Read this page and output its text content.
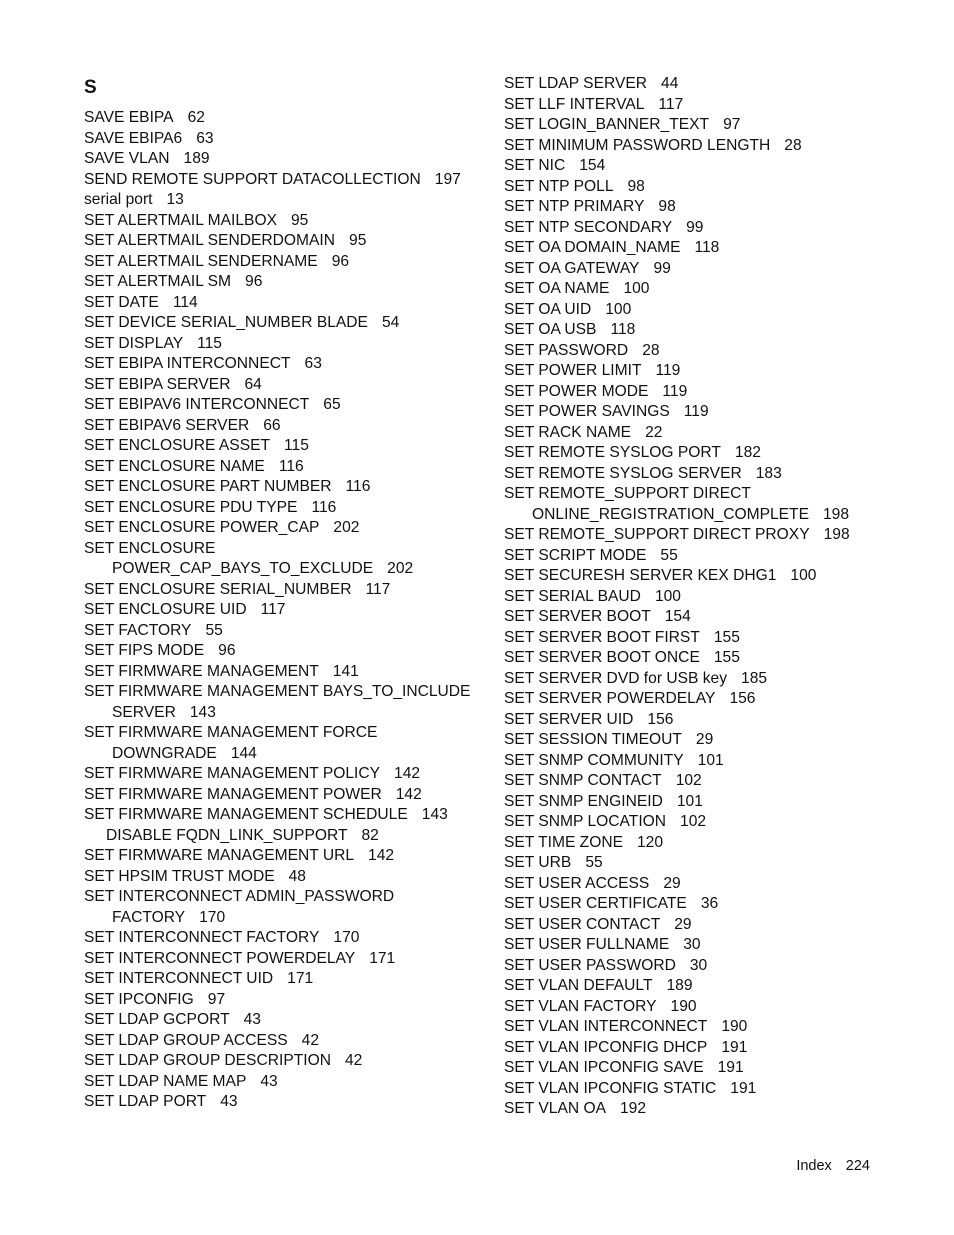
S
SAVE EBIPA 62
SAVE EBIPA6 63
SAVE VLAN 189
SEND REMOTE SUPPORT DATACOLLECTION 197
serial port 13
SET ALERTMAIL MAILBOX 95
SET ALERTMAIL SENDERDOMAIN 95
SET ALERTMAIL SENDERNAME 96
SET ALERTMAIL SM 96
SET DATE 114
SET DEVICE SERIAL_NUMBER BLADE 54
SET DISPLAY 115
SET EBIPA INTERCONNECT 63
SET EBIPA SERVER 64
SET EBIPAV6 INTERCONNECT 65
SET EBIPAV6 SERVER 66
SET ENCLOSURE ASSET 115
SET ENCLOSURE NAME 116
SET ENCLOSURE PART NUMBER 116
SET ENCLOSURE PDU TYPE 116
SET ENCLOSURE POWER_CAP 202
SET ENCLOSURE
POWER_CAP_BAYS_TO_EXCLUDE 202
SET ENCLOSURE SERIAL_NUMBER 117
SET ENCLOSURE UID 117
SET FACTORY 55
SET FIPS MODE 96
SET FIRMWARE MANAGEMENT 141
SET FIRMWARE MANAGEMENT BAYS_TO_INCLUDE
SERVER 143
SET FIRMWARE MANAGEMENT FORCE
DOWNGRADE 144
SET FIRMWARE MANAGEMENT POLICY 142
SET FIRMWARE MANAGEMENT POWER 142
SET FIRMWARE MANAGEMENT SCHEDULE 143
DISABLE FQDN_LINK_SUPPORT 82
SET FIRMWARE MANAGEMENT URL 142
SET HPSIM TRUST MODE 48
SET INTERCONNECT ADMIN_PASSWORD
FACTORY 170
SET INTERCONNECT FACTORY 170
SET INTERCONNECT POWERDELAY 171
SET INTERCONNECT UID 171
SET IPCONFIG 97
SET LDAP GCPORT 43
SET LDAP GROUP ACCESS 42
SET LDAP GROUP DESCRIPTION 42
SET LDAP NAME MAP 43
SET LDAP PORT 43
SET LDAP SERVER 44
SET LLF INTERVAL 117
SET LOGIN_BANNER_TEXT 97
SET MINIMUM PASSWORD LENGTH 28
SET NIC 154
SET NTP POLL 98
SET NTP PRIMARY 98
SET NTP SECONDARY 99
SET OA DOMAIN_NAME 118
SET OA GATEWAY 99
SET OA NAME 100
SET OA UID 100
SET OA USB 118
SET PASSWORD 28
SET POWER LIMIT 119
SET POWER MODE 119
SET POWER SAVINGS 119
SET RACK NAME 22
SET REMOTE SYSLOG PORT 182
SET REMOTE SYSLOG SERVER 183
SET REMOTE_SUPPORT DIRECT
ONLINE_REGISTRATION_COMPLETE 198
SET REMOTE_SUPPORT DIRECT PROXY 198
SET SCRIPT MODE 55
SET SECURESH SERVER KEX DHG1 100
SET SERIAL BAUD 100
SET SERVER BOOT 154
SET SERVER BOOT FIRST 155
SET SERVER BOOT ONCE 155
SET SERVER DVD for USB key 185
SET SERVER POWERDELAY 156
SET SERVER UID 156
SET SESSION TIMEOUT 29
SET SNMP COMMUNITY 101
SET SNMP CONTACT 102
SET SNMP ENGINEID 101
SET SNMP LOCATION 102
SET TIME ZONE 120
SET URB 55
SET USER ACCESS 29
SET USER CERTIFICATE 36
SET USER CONTACT 29
SET USER FULLNAME 30
SET USER PASSWORD 30
SET VLAN DEFAULT 189
SET VLAN FACTORY 190
SET VLAN INTERCONNECT 190
SET VLAN IPCONFIG DHCP 191
SET VLAN IPCONFIG SAVE 191
SET VLAN IPCONFIG STATIC 191
SET VLAN OA 192
Index 224
